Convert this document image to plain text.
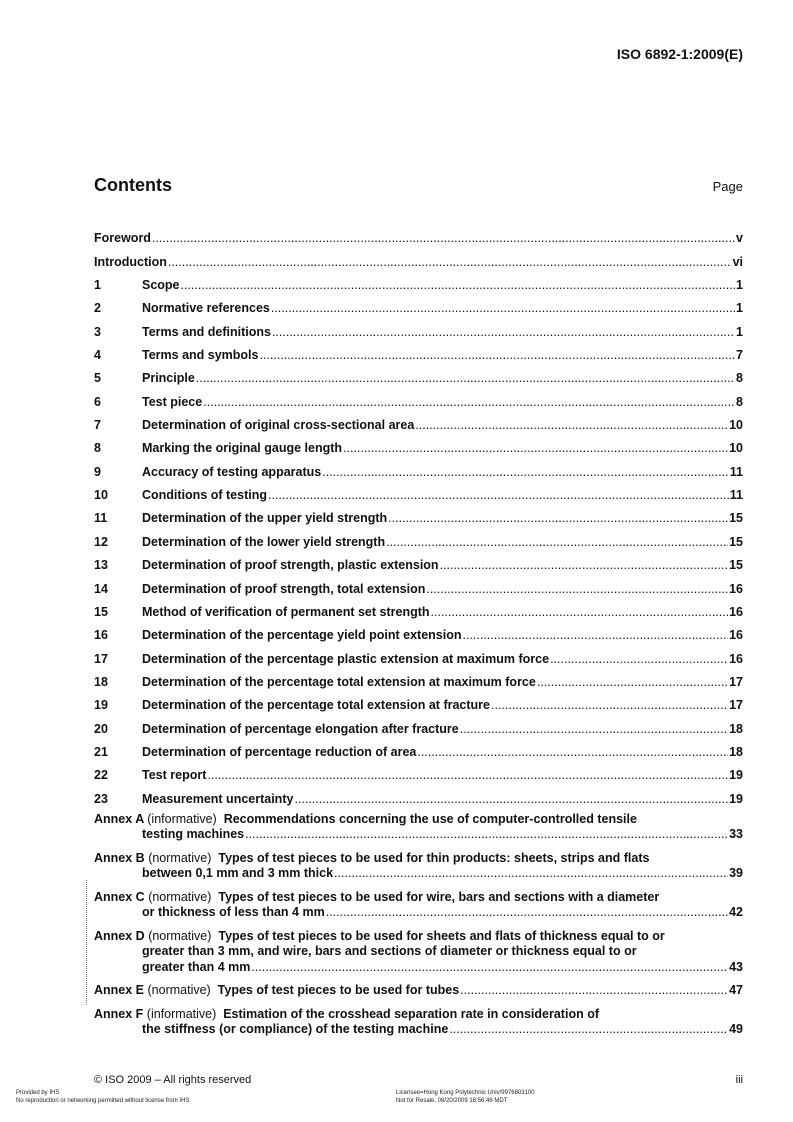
ISO 6892-1:2009(E)
Contents	Page
Foreword .....	v
Introduction .....	vi
1	Scope .....	1
2	Normative references .....	1
3	Terms and definitions .....	1
4	Terms and symbols .....	7
5	Principle .....	8
6	Test piece .....	8
7	Determination of original cross-sectional area .....	10
8	Marking the original gauge length .....	10
9	Accuracy of testing apparatus .....	11
10	Conditions of testing .....	11
11	Determination of the upper yield strength .....	15
12	Determination of the lower yield strength .....	15
13	Determination of proof strength, plastic extension .....	15
14	Determination of proof strength, total extension .....	16
15	Method of verification of permanent set strength .....	16
16	Determination of the percentage yield point extension .....	16
17	Determination of the percentage plastic extension at maximum force .....	16
18	Determination of the percentage total extension at maximum force .....	17
19	Determination of the percentage total extension at fracture .....	17
20	Determination of percentage elongation after fracture .....	18
21	Determination of percentage reduction of area .....	18
22	Test report .....	19
23	Measurement uncertainty .....	19
Annex A (informative) Recommendations concerning the use of computer-controlled tensile
testing machines .....	33
Annex B (normative) Types of test pieces to be used for thin products: sheets, strips and flats
between 0,1 mm and 3 mm thick .....	39
Annex C (normative) Types of test pieces to be used for wire, bars and sections with a diameter
or thickness of less than 4 mm .....	42
Annex D (normative) Types of test pieces to be used for sheets and flats of thickness equal to or
greater than 3 mm, and wire, bars and sections of diameter or thickness equal to or
greater than 4 mm .....	43
Annex E (normative) Types of test pieces to be used for tubes .....	47
Annex F (informative) Estimation of the crosshead separation rate in consideration of
the stiffness (or compliance) of the testing machine .....	49
© ISO 2009 – All rights reserved	iii
Provided by IHS
No reproduction or networking permitted without license from IHS
Licensee=Hong Kong Polytechnic Univ/9976803100
Not for Resale, 08/20/2009 18:56:46 MDT
